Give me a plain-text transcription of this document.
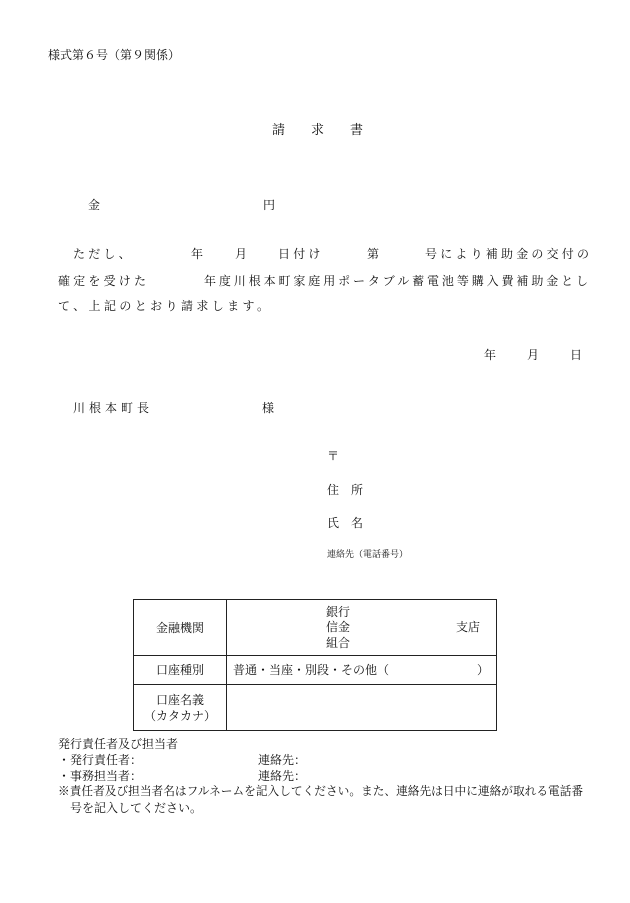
様式第６号（第９関係）
請　　求　　書
金	円
ただし、	年	月	日付け	第	号により補助金の交付の
確定を受けた	年度川根本町家庭用ポータブル蓄電池等購入費補助金とし
て、上記のとおり請求します。
年	月	日
川根本町長	様
〒
住　所
氏　名
連絡先（電話番号）
金融機関	銀行
信金
組合
支店

口座種別	普通・当座・別段・その他（ ）

口座名義
（カタカナ）	

発行責任者及び担当者
・発行責任者：	連絡先：
・事務担当者：	連絡先：
※責任者及び担当者名はフルネームを記入してください。また、連絡先は日中に連絡が取れる電話番
号を記入してください。
